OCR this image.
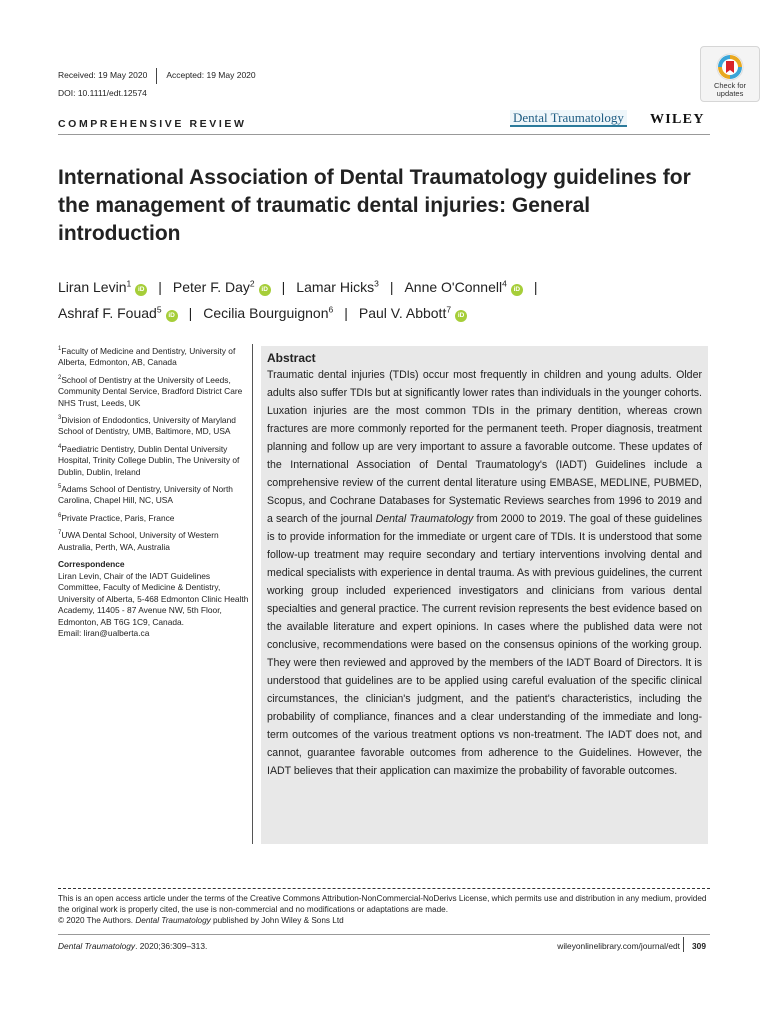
Received: 19 May 2020 Accepted: 19 May 2020
DOI: 10.1111/edt.12574
Check for
updates
COMPREHENSIVE REVIEW	Dental Traumatology WILEY
International Association of Dental Traumatology guidelines for the management of traumatic dental injuries: General introduction
Liran Levin$^1$iD | Peter F. Day$^2$iD | Lamar Hicks$^3$ | Anne O'Connell$^4$iD |
Ashraf F. Fouad$^5$iD | Cecilia Bourguignon$^6$ | Paul V. Abbott$^7$iD
$^1$Faculty of Medicine and Dentistry, University of Alberta, Edmonton, AB, Canada
$^2$School of Dentistry at the University of Leeds, Community Dental Service, Bradford District Care NHS Trust, Leeds, UK
$^3$Division of Endodontics, University of Maryland School of Dentistry, UMB, Baltimore, MD, USA
$^4$Paediatric Dentistry, Dublin Dental University Hospital, Trinity College Dublin, The University of Dublin, Dublin, Ireland
$^5$Adams School of Dentistry, University of North Carolina, Chapel Hill, NC, USA
$^6$Private Practice, Paris, France
$^7$UWA Dental School, University of Western Australia, Perth, WA, Australia
Correspondence
Liran Levin, Chair of the IADT Guidelines Committee, Faculty of Medicine & Dentistry, University of Alberta, 5-468 Edmonton Clinic Health Academy, 11405 - 87 Avenue NW, 5th Floor, Edmonton, AB T6G 1C9, Canada.
Email: liran@ualberta.ca
Abstract

Traumatic dental injuries (TDIs) occur most frequently in children and young adults. Older adults also suffer TDIs but at significantly lower rates than individuals in the younger cohorts. Luxation injuries are the most common TDIs in the primary dentition, whereas crown fractures are more commonly reported for the permanent teeth. Proper diagnosis, treatment planning and follow up are very important to assure a favorable outcome. These updates of the International Association of Dental Traumatology's (IADT) Guidelines include a comprehensive review of the current dental literature using EMBASE, MEDLINE, PUBMED, Scopus, and Cochrane Databases for Systematic Reviews searches from 1996 to 2019 and a search of the journal Dental Traumatology from 2000 to 2019. The goal of these guidelines is to provide information for the immediate or urgent care of TDIs. It is understood that some follow-up treatment may require secondary and tertiary interventions involving dental and medical specialists with experience in dental trauma. As with previous guidelines, the current working group included experienced investigators and clinicians from various dental specialties and general practice. The current revision represents the best evidence based on the available literature and expert opinions. In cases where the published data were not conclusive, recommendations were based on the consensus opinions of the working group. They were then reviewed and approved by the members of the IADT Board of Directors. It is understood that guidelines are to be applied using careful evaluation of the specific clinical circumstances, the clinician's judgment, and the patient's characteristics, including the probability of compliance, finances and a clear understanding of the immediate and long-term outcomes of the various treatment options vs non-treatment. The IADT does not, and cannot, guarantee favorable outcomes from adherence to the Guidelines. However, the IADT believes that their application can maximize the probability of favorable outcomes.

This is an open access article under the terms of the Creative Commons Attribution-NonCommercial-NoDerivs License, which permits use and distribution in any medium, provided the original work is properly cited, the use is non-commercial and no modifications or adaptations are made.
© 2020 The Authors. Dental Traumatology published by John Wiley & Sons Ltd
Dental Traumatology. 2020;36:309–313.	wileyonlinelibrary.com/journal/edt 309
